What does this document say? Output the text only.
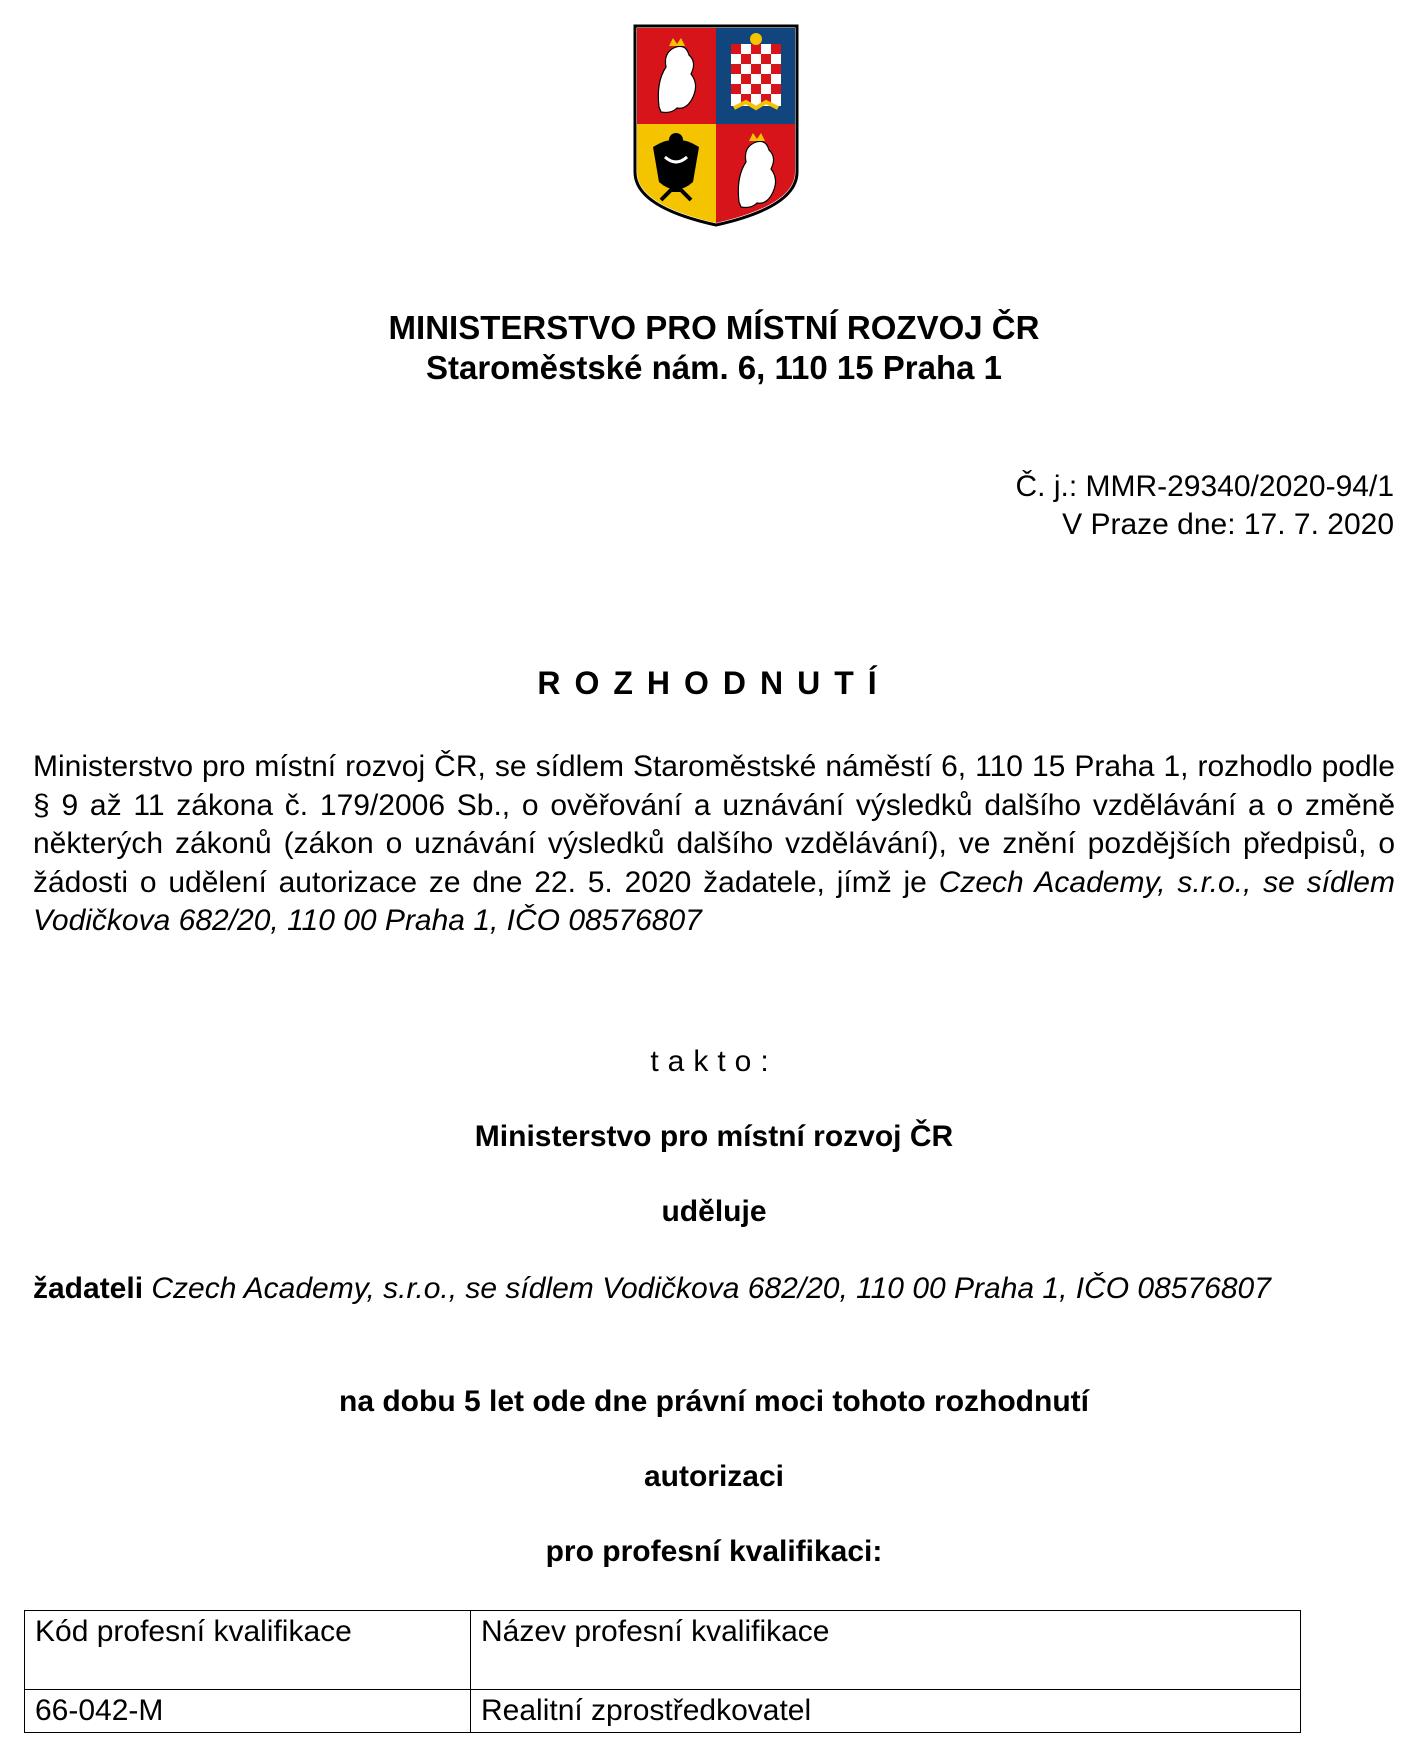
MINISTERSTVO PRO MÍSTNÍ ROZVOJ ČR
Staroměstské nám. 6, 110 15 Praha 1
Č. j.: MMR-29340/2020-94/1
V Praze dne: 17. 7. 2020
ROZHODNUTÍ
Ministerstvo pro místní rozvoj ČR, se sídlem Staroměstské náměstí 6, 110 15 Praha 1, rozhodlo podle § 9 až 11 zákona č. 179/2006 Sb., o ověřování a uznávání výsledků dalšího vzdělávání a o změně některých zákonů (zákon o uznávání výsledků dalšího vzdělávání), ve znění pozdějších předpisů, o žádosti o udělení autorizace ze dne 22. 5. 2020 žadatele, jímž je Czech Academy, s.r.o., se sídlem Vodičkova 682/20, 110 00 Praha 1, IČO 08576807
takto:
Ministerstvo pro místní rozvoj ČR
uděluje
žadateli Czech Academy, s.r.o., se sídlem Vodičkova 682/20, 110 00 Praha 1, IČO 08576807
na dobu 5 let ode dne právní moci tohoto rozhodnutí
autorizaci
pro profesní kvalifikaci:
Kód profesní kvalifikace	Název profesní kvalifikace
66-042-M	Realitní zprostředkovatel
